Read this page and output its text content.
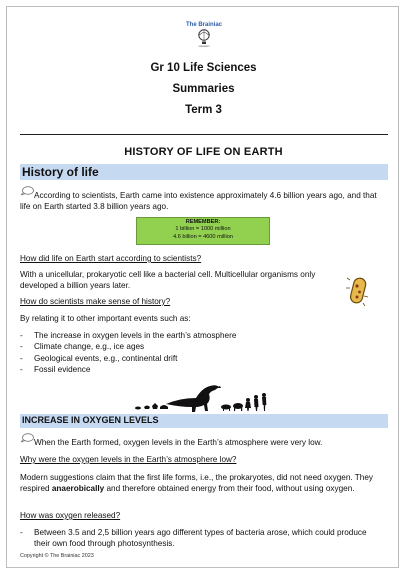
The Brainiac
education
Gr 10 Life Sciences
Summaries
Term 3
HISTORY OF LIFE ON EARTH
History of life
According to scientists, Earth came into existence approximately 4.6 billion years ago, and that life on Earth started 3.8 billion years ago.
REMEMBER:
1 billion = 1000 million
4.6 billion = 4600 million
How did life on Earth start according to scientists?
With a unicellular, prokaryotic cell like a bacterial cell. Multicellular organisms only developed a billion years later.
How do scientists make sense of history?
By relating it to other important events such as:
- The increase in oxygen levels in the earth’s atmosphere
- Climate change, e.g., ice ages
- Geological events, e.g., continental drift
- Fossil evidence
INCREASE IN OXYGEN LEVELS
When the Earth formed, oxygen levels in the Earth’s atmosphere were very low.
Why were the oxygen levels in the Earth’s atmosphere low?
Modern suggestions claim that the first life forms, i.e., the prokaryotes, did not need oxygen. They respired anaerobically and therefore obtained energy from their food, without using oxygen.
How was oxygen released?
- Between 3.5 and 2,5 billion years ago different types of bacteria arose, which could produce their own food through photosynthesis.
Copyright © The Brainiac 2023
